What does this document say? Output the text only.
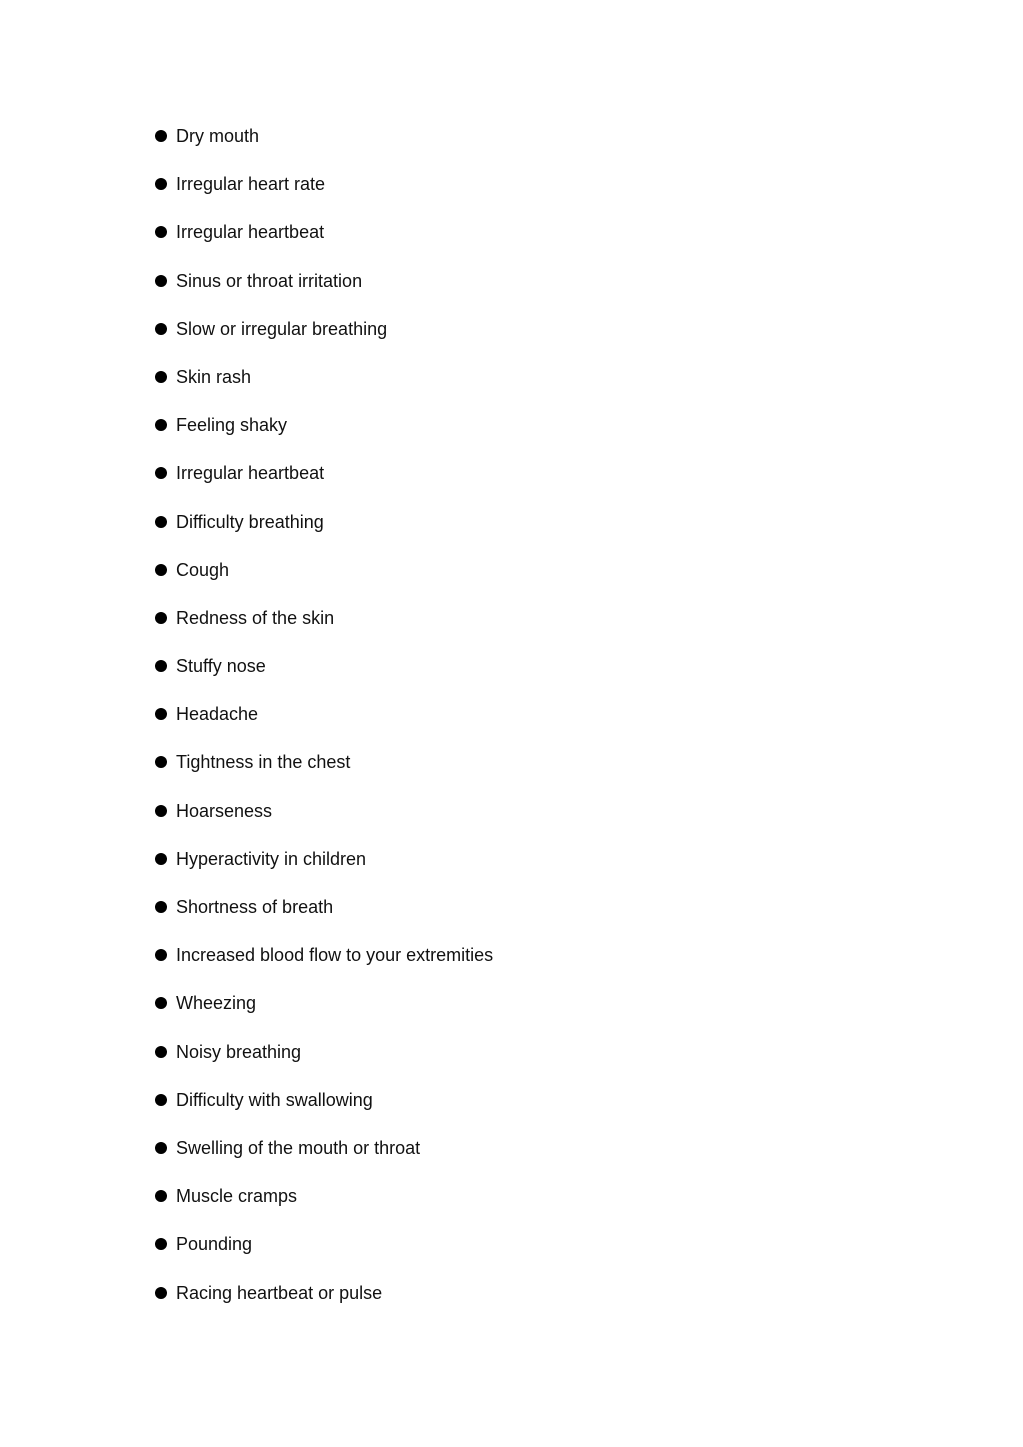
Dry mouth
Irregular heart rate
Irregular heartbeat
Sinus or throat irritation
Slow or irregular breathing
Skin rash
Feeling shaky
Irregular heartbeat
Difficulty breathing
Cough
Redness of the skin
Stuffy nose
Headache
Tightness in the chest
Hoarseness
Hyperactivity in children
Shortness of breath
Increased blood flow to your extremities
Wheezing
Noisy breathing
Difficulty with swallowing
Swelling of the mouth or throat
Muscle cramps
Pounding
Racing heartbeat or pulse
